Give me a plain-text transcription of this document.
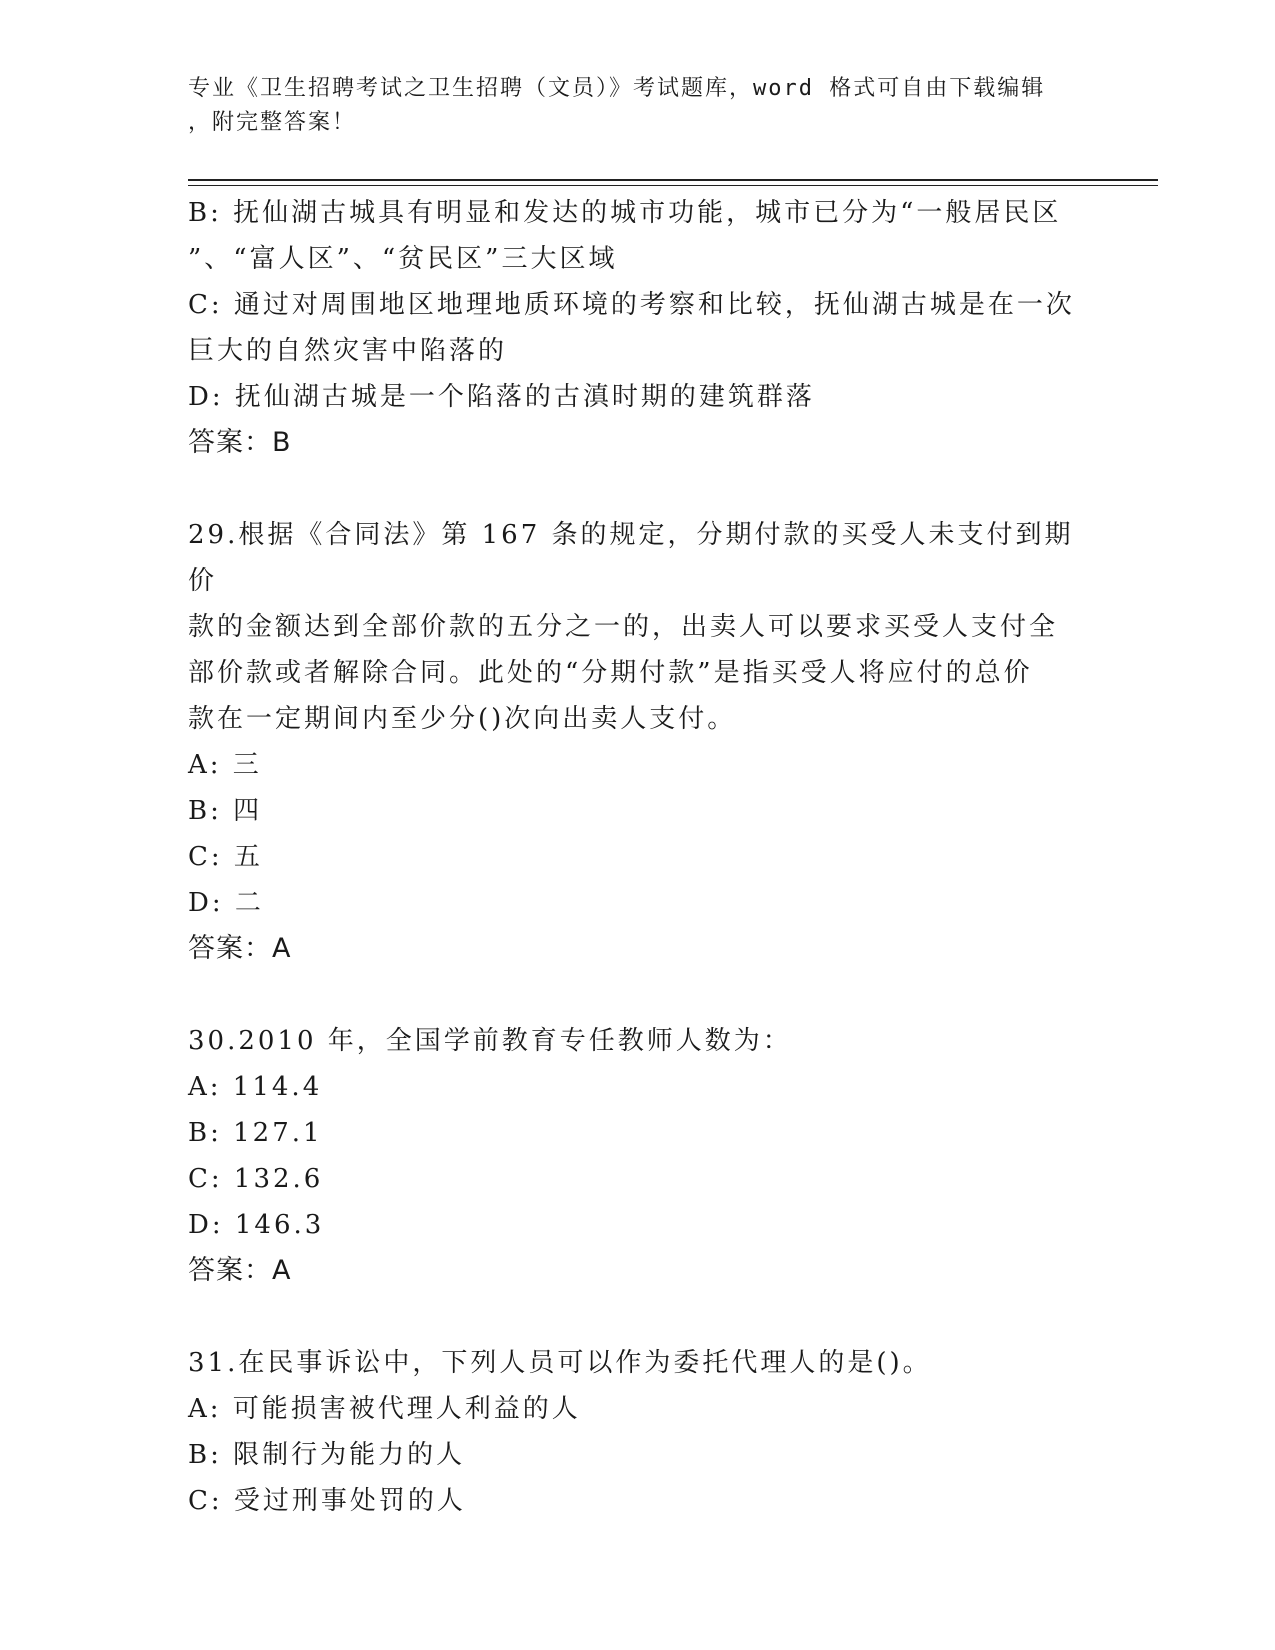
专业《卫生招聘考试之卫生招聘（文员）》考试题库，word 格式可自由下载编辑
，附完整答案！
B: 抚仙湖古城具有明显和发达的城市功能，城市已分为“一般居民区
”、“富人区”、“贫民区”三大区域
C: 通过对周围地区地理地质环境的考察和比较，抚仙湖古城是在一次
巨大的自然灾害中陷落的
D: 抚仙湖古城是一个陷落的古滇时期的建筑群落
答案：B
29.根据《合同法》第 167 条的规定，分期付款的买受人未支付到期价
款的金额达到全部价款的五分之一的，出卖人可以要求买受人支付全
部价款或者解除合同。此处的“分期付款”是指买受人将应付的总价
款在一定期间内至少分()次向出卖人支付。
A: 三
B: 四
C: 五
D: 二
答案：A
30.2010 年，全国学前教育专任教师人数为：
A: 114.4
B: 127.1
C: 132.6
D: 146.3
答案：A
31.在民事诉讼中，下列人员可以作为委托代理人的是()。
A: 可能损害被代理人利益的人
B: 限制行为能力的人
C: 受过刑事处罚的人
